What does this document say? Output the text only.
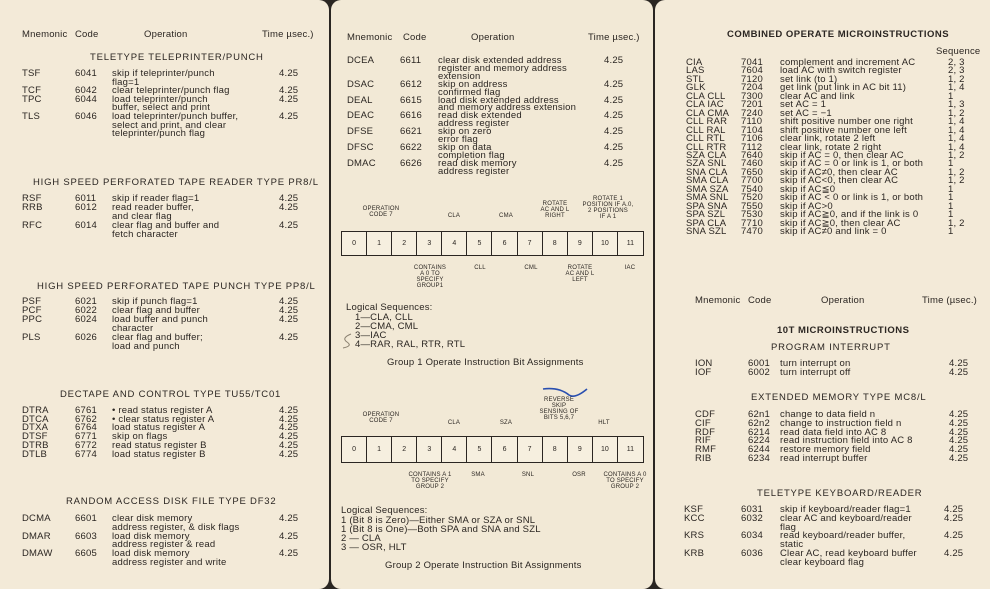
Mnemonic Code	Operation	Time µsec.)
TELETYPE TELEPRINTER/PUNCH
TSF	6041 skip if teleprinter/punch	4.25
flag=1
TCF	6042 clear teleprinter/punch flag	4.25
TPC	6044 load teleprinter/punch	4.25
buffer, select and print
TLS	6046 load teleprinter/punch buffer,	4.25
select and print, and clear
teleprinter/punch flag
HIGH SPEED PERFORATED TAPE READER TYPE PR8/L
RSF	6011 skip if reader flag=1	4.25
RRB	6012 read reader buffer,	4.25
and clear flag
RFC	6014 clear flag and buffer and	4.25
fetch character
HIGH SPEED PERFORATED TAPE PUNCH TYPE PP8/L
PSF	6021 skip if punch flag=1	4.25
PCF	6022 clear flag and buffer	4.25
PPC	6024 load buffer and punch	4.25
character
PLS	6026 clear flag and buffer;	4.25
load and punch
DECTAPE AND CONTROL TYPE TU55/TC01
DTRA	6761 • read status register A	4.25
DTCA	6762 • clear status register A	4.25
DTXA	6764 load status register A	4.25
DTSF	6771 skip on flags	4.25
DTRB	6772 read status register B	4.25
DTLB	6774 load status register B	4.25
RANDOM ACCESS DISK FILE TYPE DF32
DCMA	6601 clear disk memory	4.25
address register, & disk flags
DMAR	6603 load disk memory	4.25
address register & read
DMAW 6605 load disk memory	4.25
address register and write
Mnemonic Code	Operation	Time µsec.)
DCEA	6611 clear disk extended address	4.25
register and memory address
extension
DSAC	6612 skip on address	4.25
confirmed flag
DEAL	6615 load disk extended address	4.25
and memory address extension
DEAC	6616 read disk extended	4.25
address register
DFSE	6621 skip on zero	4.25
error flag
DFSC	6622 skip on data	4.25
completion flag
DMAC	6626 read disk memory	4.25
address register
OPERATION
CODE 7	CLA	CMA
ROTATE
AC AND L
RIGHT
ROTATE 1
POSITION IF A.0,
2 POSITIONS
IF A 1
0	1	2	3	4	5	6	7	8	9	10	11
CONTAINS
A 0 TO
SPECIFY
GROUP1
CLL	CML	ROTATE
AC AND L
LEFT
IAC
Logical Sequences:
1—CLA, CLL
2—CMA, CML
3—IAC
4—RAR, RAL, RTR, RTL
Group 1 Operate Instruction Bit Assignments
OPERATION
CODE 7	CLA	SZA
REVERSE
SKIP
SENSING OF
BITS 5,6,7
HLT
0	1	2	3	4	5	6	7	8	9	10	11
CONTAINS A 1
TO SPECIFY
GROUP 2
SMA	SNL	OSR	CONTAINS A 0
TO SPECIFY
GROUP 2
Logical Sequences:
1 (Bit 8 is Zero)—Either SMA or SZA or SNL
1 (Bit 8 is One)—Both SPA and SNA and SZL
2 — CLA
3 — OSR, HLT
Group 2 Operate Instruction Bit Assignments
COMBINED OPERATE MICROINSTRUCTIONS
Sequence
CIA	7041 complement and increment AC	2, 3
LAS	7604 load AC with switch register	2, 3
STL	7120 set link (to 1)	1, 2
GLK	7204 get link (put link in AC bit 11)	1, 4
CLA CLL 7300 clear AC and link	1
CLA IAC 7201 set AC = 1	1, 3
CLA CMA 7240 set AC = −1	1, 2
CLL RAR 7110 shift positive number one right	1, 4
CLL RAL 7104 shift positive number one left	1, 4
CLL RTL 7106 clear link, rotate 2 left	1, 4
CLL RTR 7112 clear link, rotate 2 right	1, 4
SZA CLA 7640 skip if AC = 0, then clear AC	1, 2
SZA SNL 7460 skip if AC = 0 or link is 1, or both	1
SNA CLA 7650 skip if AC≠0, then clear AC	1, 2
SMA CLA 7700 skip if AC<0, then clear AC	1, 2
SMA SZA 7540 skip if AC≦0	1
SMA SNL 7520 skip if AC < 0 or link is 1, or both	1
SPA SNA 7550 skip if AC>0	1
SPA SZL 7530 skip if AC≧0, and if the link is 0	1
SPA CLA 7710 skip if AC≧0, then clear AC	1, 2
SNA SZL 7470 skip if AC≠0 and link = 0	1
Mnemonic Code	Operation	Time (µsec.)
10T MICROINSTRUCTIONS
PROGRAM INTERRUPT
ION	6001 turn interrupt on	4.25
IOF	6002 turn interrupt off	4.25
EXTENDED MEMORY TYPE MC8/L
CDF	62n1 change to data field n	4.25
CIF	62n2 change to instruction field n	4.25
RDF	6214 read data field into AC 8	4.25
RIF	6224 read instruction field into AC 8	4.25
RMF	6244 restore memory field	4.25
RIB	6234 read interrupt buffer	4.25
TELETYPE KEYBOARD/READER
KSF	6031 skip if keyboard/reader flag=1	4.25
KCC	6032 clear AC and keyboard/reader	4.25
flag
KRS	6034 read keyboard/reader buffer,	4.25
static
KRB	6036 Clear AC, read keyboard buffer	4.25
clear keyboard flag
